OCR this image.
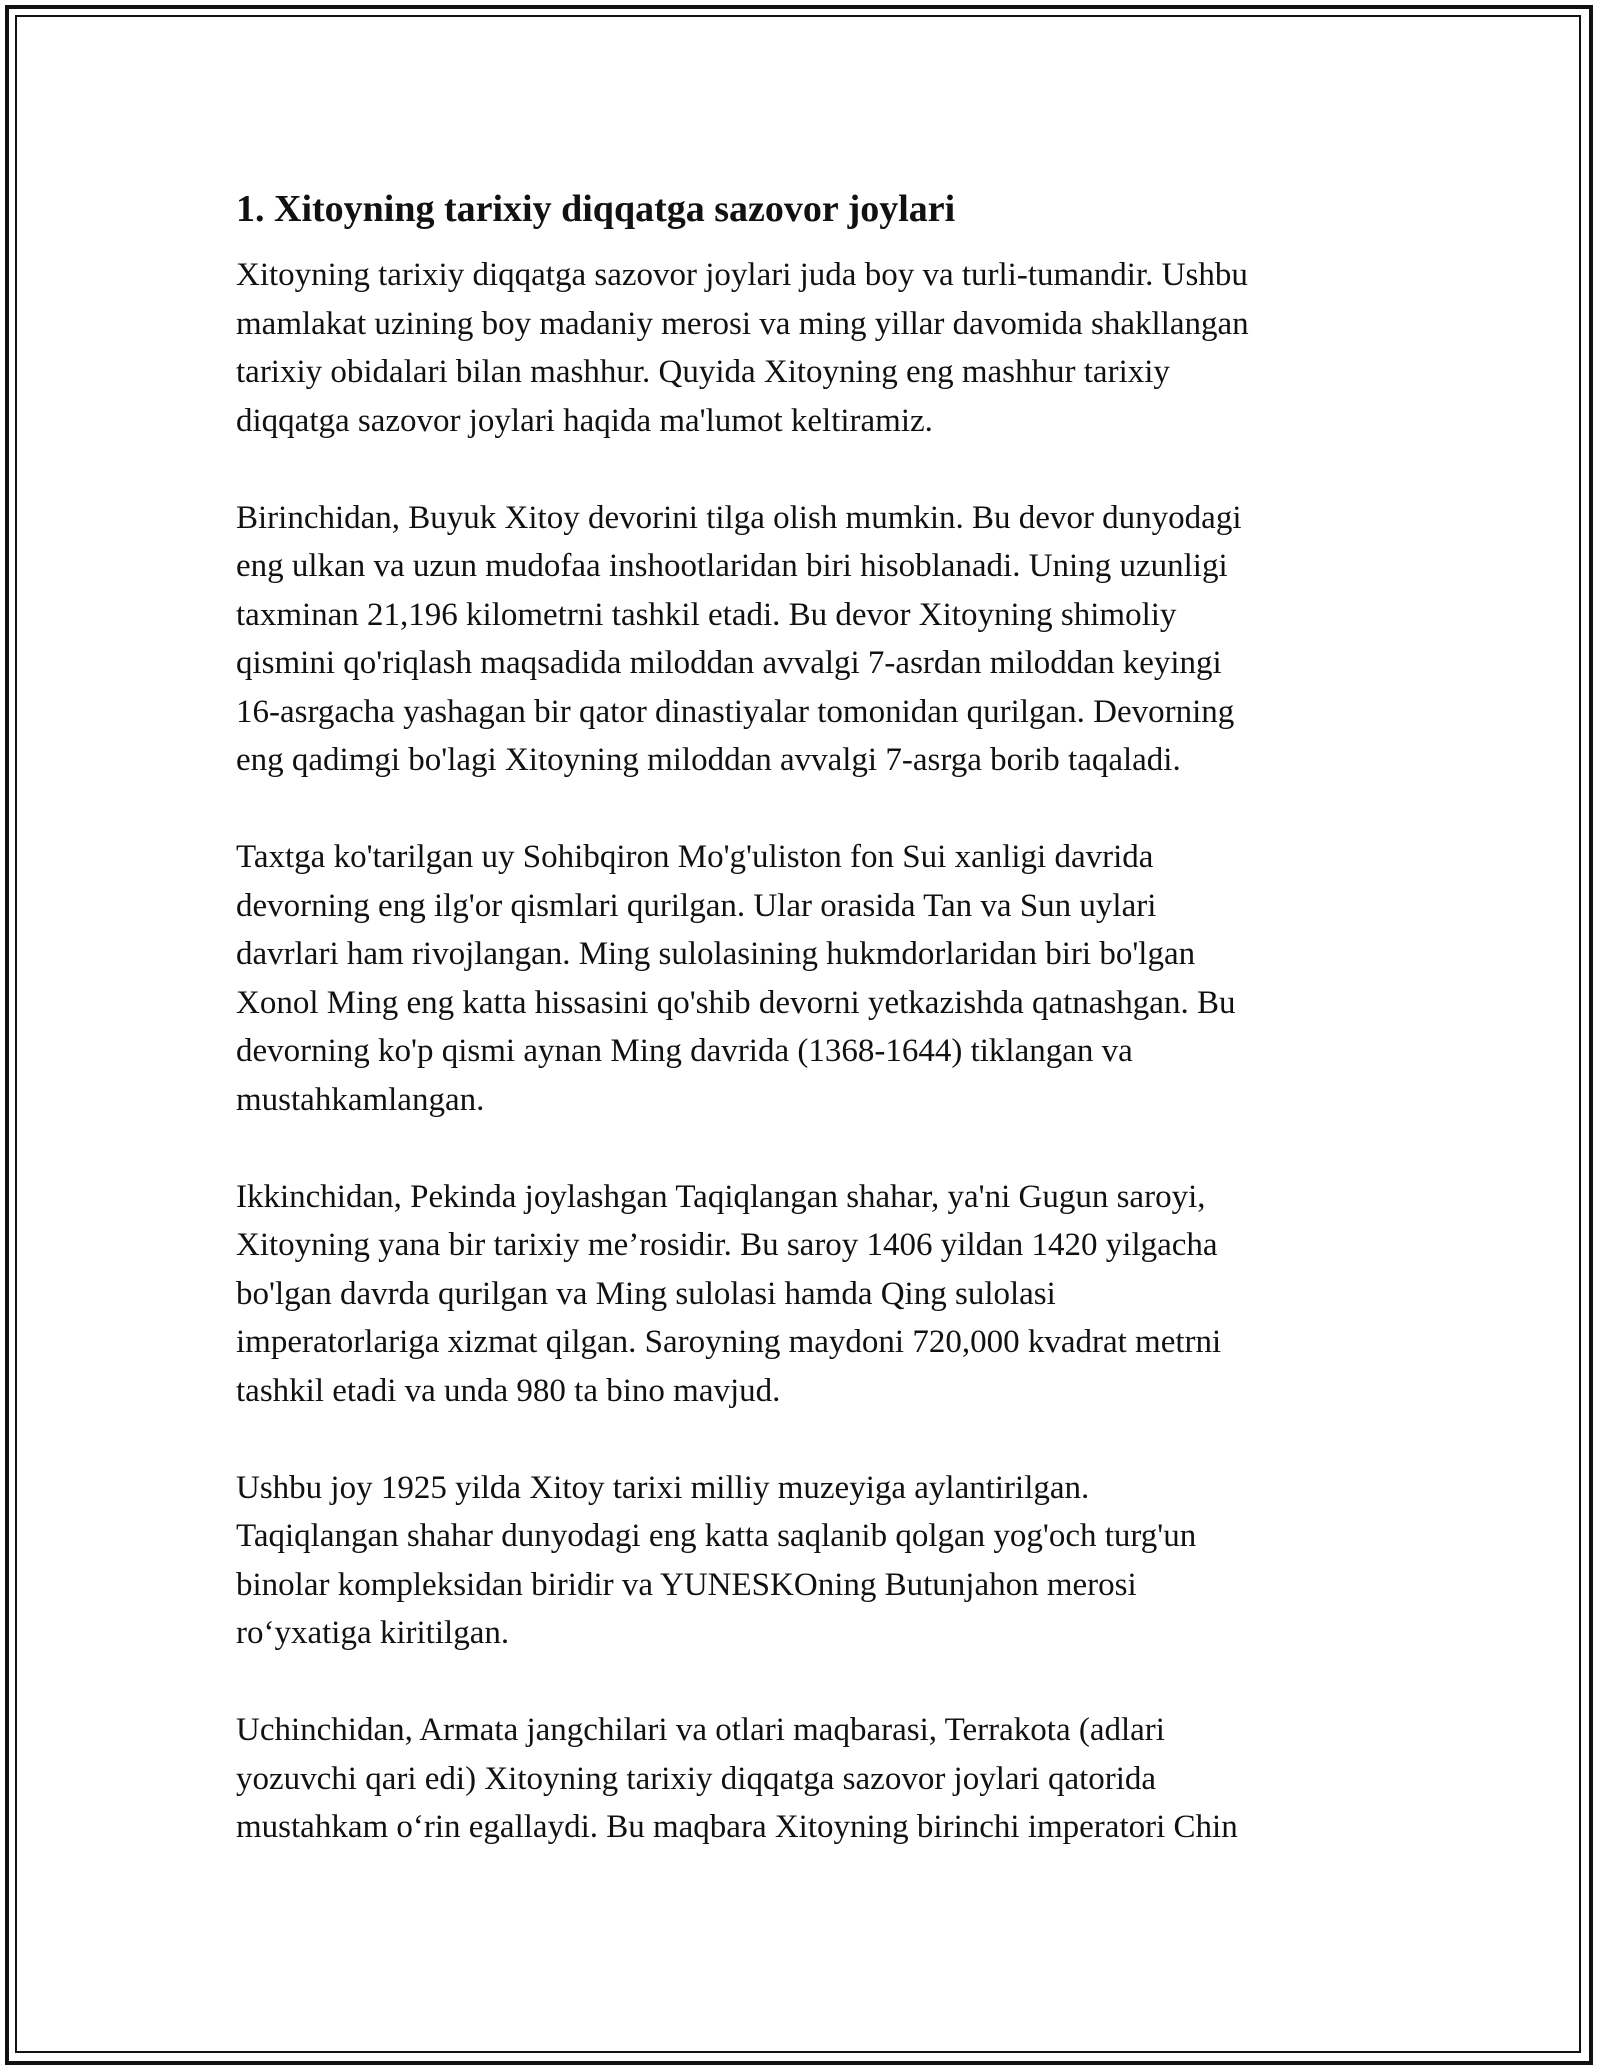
1. Xitoyning tarixiy diqqatga sazovor joylari

Xitoyning tarixiy diqqatga sazovor joylari juda boy va turli-tumandir. Ushbu
mamlakat uzining boy madaniy merosi va ming yillar davomida shakllangan
tarixiy obidalari bilan mashhur. Quyida Xitoyning eng mashhur tarixiy
diqqatga sazovor joylari haqida ma'lumot keltiramiz.

Birinchidan, Buyuk Xitoy devorini tilga olish mumkin. Bu devor dunyodagi
eng ulkan va uzun mudofaa inshootlaridan biri hisoblanadi. Uning uzunligi
taxminan 21,196 kilometrni tashkil etadi. Bu devor Xitoyning shimoliy
qismini qo'riqlash maqsadida miloddan avvalgi 7-asrdan miloddan keyingi
16-asrgacha yashagan bir qator dinastiyalar tomonidan qurilgan. Devorning
eng qadimgi bo'lagi Xitoyning miloddan avvalgi 7-asrga borib taqaladi.

Taxtga ko'tarilgan uy Sohibqiron Mo'g'uliston fon Sui xanligi davrida
devorning eng ilg'or qismlari qurilgan. Ular orasida Tan va Sun uylari
davrlari ham rivojlangan. Ming sulolasining hukmdorlaridan biri bo'lgan
Xonol Ming eng katta hissasini qo'shib devorni yetkazishda qatnashgan. Bu
devorning ko'p qismi aynan Ming davrida (1368-1644) tiklangan va
mustahkamlangan.

Ikkinchidan, Pekinda joylashgan Taqiqlangan shahar, ya'ni Gugun saroyi,
Xitoyning yana bir tarixiy me’rosidir. Bu saroy 1406 yildan 1420 yilgacha
bo'lgan davrda qurilgan va Ming sulolasi hamda Qing sulolasi
imperatorlariga xizmat qilgan. Saroyning maydoni 720,000 kvadrat metrni
tashkil etadi va unda 980 ta bino mavjud.

Ushbu joy 1925 yilda Xitoy tarixi milliy muzeyiga aylantirilgan.
Taqiqlangan shahar dunyodagi eng katta saqlanib qolgan yog'och turg'un
binolar kompleksidan biridir va YUNESKOning Butunjahon merosi
ro‘yxatiga kiritilgan.

Uchinchidan, Armata jangchilari va otlari maqbarasi, Terrakota (adlari
yozuvchi qari edi) Xitoyning tarixiy diqqatga sazovor joylari qatorida
mustahkam o‘rin egallaydi. Bu maqbara Xitoyning birinchi imperatori Chin
